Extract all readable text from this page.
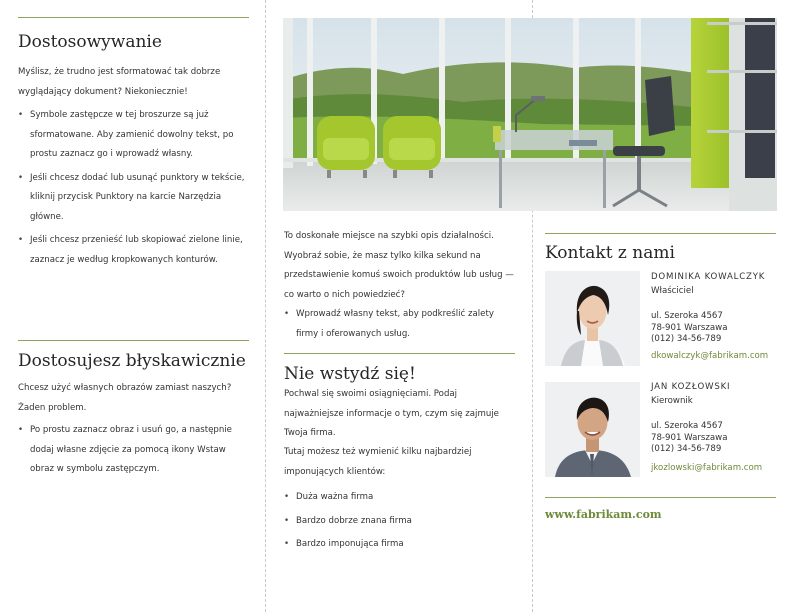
Dostosowywanie

Myślisz, że trudno jest sformatować tak dobrze wyglądający dokument? Niekoniecznie!

• Symbole zastępcze w tej broszurze są już sformatowane. Aby zamienić dowolny tekst, po prostu zaznacz go i wprowadź własny.
• Jeśli chcesz dodać lub usunąć punktory w tekście, kliknij przycisk Punktory na karcie Narzędzia główne.
• Jeśli chcesz przenieść lub skopiować zielone linie, zaznacz je według kropkowanych konturów.
Dostosujesz błyskawicznie

Chcesz użyć własnych obrazów zamiast naszych? Żaden problem.

• Po prostu zaznacz obraz i usuń go, a następnie dodaj własne zdjęcie za pomocą ikony Wstaw obraz w symbolu zastępczym.

To doskonałe miejsce na szybki opis działalności. Wyobraź sobie, że masz tylko kilka sekund na przedstawienie komuś swoich produktów lub usług — co warto o nich powiedzieć?

• Wprowadź własny tekst, aby podkreślić zalety firmy i oferowanych usług.
Nie wstydź się!

Pochwal się swoimi osiągnięciami. Podaj najważniejsze informacje o tym, czym się zajmuje Twoja firma.

Tutaj możesz też wymienić kilku najbardziej imponujących klientów:

• Duża ważna firma
• Bardzo dobrze znana firma
• Bardzo imponująca firma
Kontakt z nami
DOMINIKA KOWALCZYK
Właściciel
ul. Szeroka 4567
78-901 Warszawa
(012) 34-56-789
dkowalczyk@fabrikam.com
JAN KOZŁOWSKI
Kierownik
ul. Szeroka 4567
78-901 Warszawa
(012) 34-56-789
jkozlowski@fabrikam.com
www.fabrikam.com
